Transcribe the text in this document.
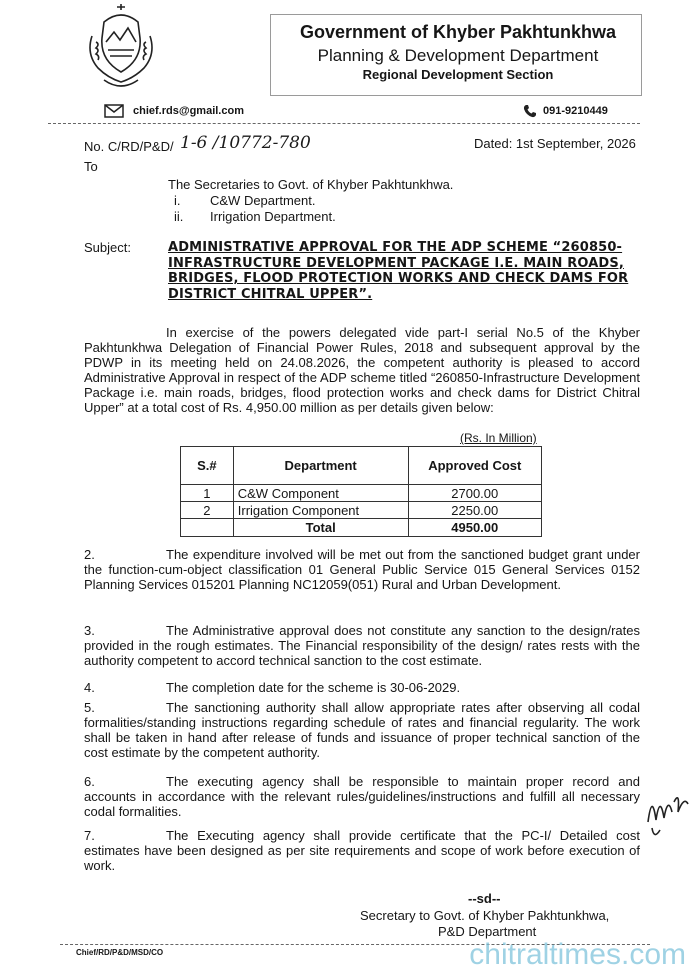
Government of Khyber Pakhtunkhwa
Planning & Development Department
Regional Development Section
chief.rds@gmail.com	091-9210449
No. C/RD/P&D/ 1-6 /10772-780	Dated: 1st September, 2026
To
The Secretaries to Govt. of Khyber Pakhtunkhwa.
i. C&W Department.
ii. Irrigation Department.
Subject:	ADMINISTRATIVE APPROVAL FOR THE ADP SCHEME “260850-INFRASTRUCTURE DEVELOPMENT PACKAGE I.E. MAIN ROADS, BRIDGES, FLOOD PROTECTION WORKS AND CHECK DAMS FOR DISTRICT CHITRAL UPPER”.
In exercise of the powers delegated vide part-I serial No.5 of the Khyber Pakhtunkhwa Delegation of Financial Power Rules, 2018 and subsequent approval by the PDWP in its meeting held on 24.08.2026, the competent authority is pleased to accord Administrative Approval in respect of the ADP scheme titled “260850-Infrastructure Development Package i.e. main roads, bridges, flood protection works and check dams for District Chitral Upper” at a total cost of Rs. 4,950.00 million as per details given below:
(Rs. In Million)
S.#	Department	Approved Cost
1	C&W Component	2700.00
2	Irrigation Component	2250.00
	Total	4950.00
2.	The expenditure involved will be met out from the sanctioned budget grant under the function-cum-object classification 01 General Public Service 015 General Services 0152 Planning Services 015201 Planning NC12059(051) Rural and Urban Development.
3.	The Administrative approval does not constitute any sanction to the design/rates provided in the rough estimates. The Financial responsibility of the design/ rates rests with the authority competent to accord technical sanction to the cost estimate.
4.	The completion date for the scheme is 30-06-2029.
5.	The sanctioning authority shall allow appropriate rates after observing all codal formalities/standing instructions regarding schedule of rates and financial regularity. The work shall be taken in hand after release of funds and issuance of proper technical sanction of the cost estimate by the competent authority.
6.	The executing agency shall be responsible to maintain proper record and accounts in accordance with the relevant rules/guidelines/instructions and fulfill all necessary codal formalities.
7.	The Executing agency shall provide certificate that the PC-I/ Detailed cost estimates have been designed as per site requirements and scope of work before execution of work.
--sd--
Secretary to Govt. of Khyber Pakhtunkhwa,
P&D Department
Chief/RD/P&D/MSD/CO	chitraltimes.com
